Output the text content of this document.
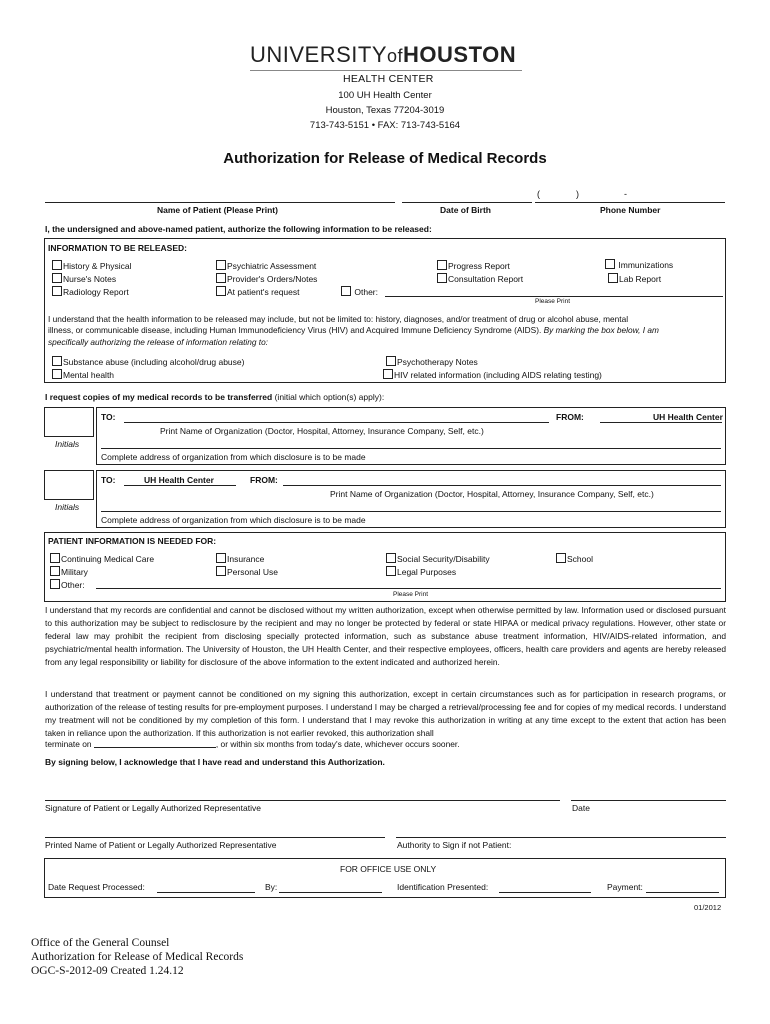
UNIVERSITYofHOUSTON
HEALTH CENTER
100 UH Health Center
Houston, Texas 77204-3019
713-743-5151 • FAX: 713-743-5164
Authorization for Release of Medical Records
(	)	-
Name of Patient (Please Print)	Date of Birth	Phone Number
I, the undersigned and above-named patient, authorize the following information to be released:
INFORMATION TO BE RELEASED:
History & Physical
Nurse's Notes
Radiology Report
Psychiatric Assessment
Provider's Orders/Notes
At patient's request	Other:
Please Print
Progress Report
Consultation Report
Immunizations
Lab Report
I understand that the health information to be released may include, but not be limited to: history, diagnoses, and/or treatment of drug or alcohol abuse, mental
illness, or communicable disease, including Human Immunodeficiency Virus (HIV) and Acquired Immune Deficiency Syndrome (AIDS). By marking the box below, I am
specifically authorizing the release of information relating to:
Substance abuse (including alcohol/drug abuse)
Mental health
Psychotherapy Notes
HIV related information (including AIDS relating testing)
I request copies of my medical records to be transferred (initial which option(s) apply):
Initials
TO:	FROM:	UH Health Center
Print Name of Organization (Doctor, Hospital, Attorney, Insurance Company, Self, etc.)
Complete address of organization from which disclosure is to be made
Initials
TO:	UH Health Center	FROM:
Print Name of Organization (Doctor, Hospital, Attorney, Insurance Company, Self, etc.)
Complete address of organization from which disclosure is to be made
PATIENT INFORMATION IS NEEDED FOR:
Continuing Medical Care
Military
Other:
Please Print
Insurance
Personal Use
Social Security/Disability
Legal Purposes
School
I understand that my records are confidential and cannot be disclosed without my written authorization, except when otherwise permitted by law. Information used or disclosed pursuant to this authorization may be subject to redisclosure by the recipient and may no longer be protected by federal or state HIPAA or medical privacy regulations. However, other state or federal law may prohibit the recipient from disclosing specially protected information, such as substance abuse treatment information, HIV/AIDS-related information, and psychiatric/mental health information. The University of Houston, the UH Health Center, and their respective employees, officers, health care providers and agents are hereby released from any legal responsibility or liability for disclosure of the above information to the extent indicated and authorized herein.
I understand that treatment or payment cannot be conditioned on my signing this authorization, except in certain circumstances such as for participation in research programs, or authorization of the release of testing results for pre-employment purposes. I understand I may be charged a retrieval/processing fee and for copies of my medical records. I understand my treatment will not be conditioned by my completion of this form. I understand that I may revoke this authorization in writing at any time except to the extent that action has been taken in reliance upon the authorization. If this authorization is not earlier revoked, this authorization shall
terminate on	, or within six months from today's date, whichever occurs sooner.
By signing below, I acknowledge that I have read and understand this Authorization.
Signature of Patient or Legally Authorized Representative	Date
Printed Name of Patient or Legally Authorized Representative	Authority to Sign if not Patient:
FOR OFFICE USE ONLY
Date Request Processed:	By:	Identification Presented:	Payment:
01/2012
Office of the General Counsel
Authorization for Release of Medical Records
OGC-S-2012-09 Created 1.24.12
